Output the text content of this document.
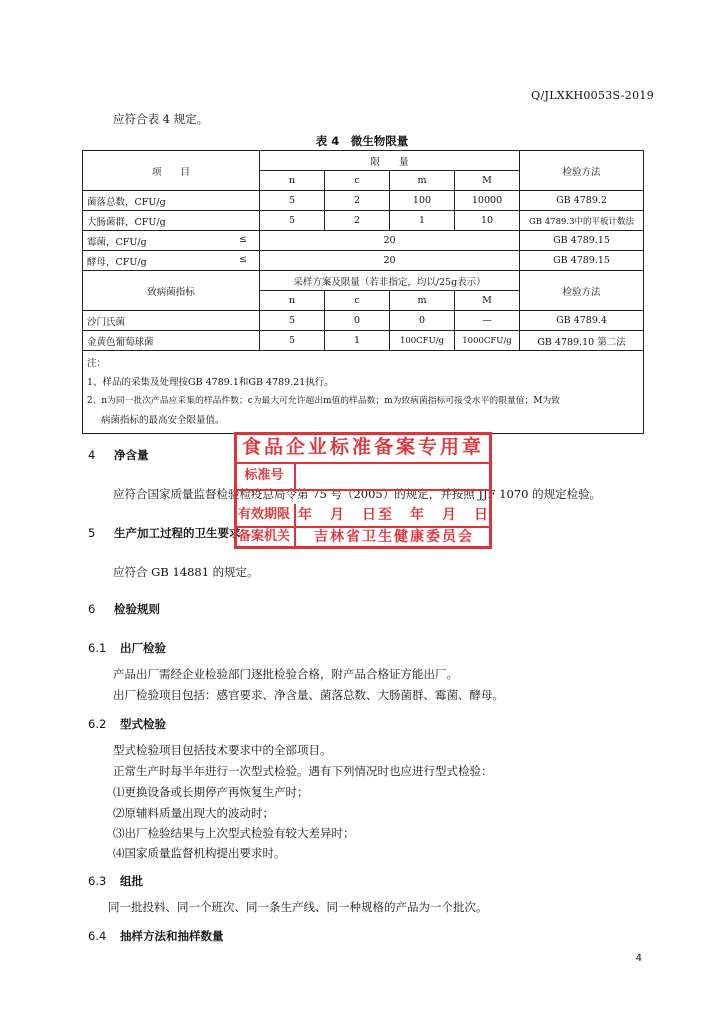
Q/JLXKH0053S-2019
应符合表 4 规定。
表 4　微生物限量
项　　目	限　　量				检验方法
	n	c	m	M	
菌落总数，CFU/g	5	2	100	10000	GB 4789.2
大肠菌群，CFU/g	5	2	1	10	GB 4789.3中的平板计数法
霉菌，CFU/g ≤	20				GB 4789.15
酵母，CFU/g ≤	20				GB 4789.15
致病菌指标	采样方案及限量（若非指定，均以/25g表示）				检验方法
	n	c	m	M	
沙门氏菌	5	0	0	—	GB 4789.4
金黄色葡萄球菌	5	1	100CFU/g	1000CFU/g	GB 4789.10 第二法

注：
1、样品的采集及处理按GB 4789.1和GB 4789.21执行。
2、n为同一批次产品应采集的样品件数；c为最大可允许超出m值的样品数；m为致病菌指标可接受水平的限量值；M为致
病菌指标的最高安全限量值。					
4 净含量
应符合国家质量监督检验检疫总局令第 75 号（2005）的规定，并按照 JJF 1070 的规定检验。
5 生产加工过程的卫生要求
应符合 GB 14881 的规定。
6 检验规则
6.1 出厂检验
产品出厂需经企业检验部门逐批检验合格，附产品合格证方能出厂。
出厂检验项目包括：感官要求、净含量、菌落总数、大肠菌群、霉菌、酵母。
6.2 型式检验
型式检验项目包括技术要求中的全部项目。
正常生产时每半年进行一次型式检验。遇有下列情况时也应进行型式检验：
⑴更换设备或长期停产再恢复生产时；
⑵原辅料质量出现大的波动时；
⑶出厂检验结果与上次型式检验有较大差异时；
⑷国家质量监督机构提出要求时。
6.3 组批
同一批投料、同一个班次、同一条生产线、同一种规格的产品为一个批次。
6.4 抽样方法和抽样数量
4
食品企业标准备案专用章
标准号
有效期限 年　月　日至　年　月　日
备案机关	吉林省卫生健康委员会
